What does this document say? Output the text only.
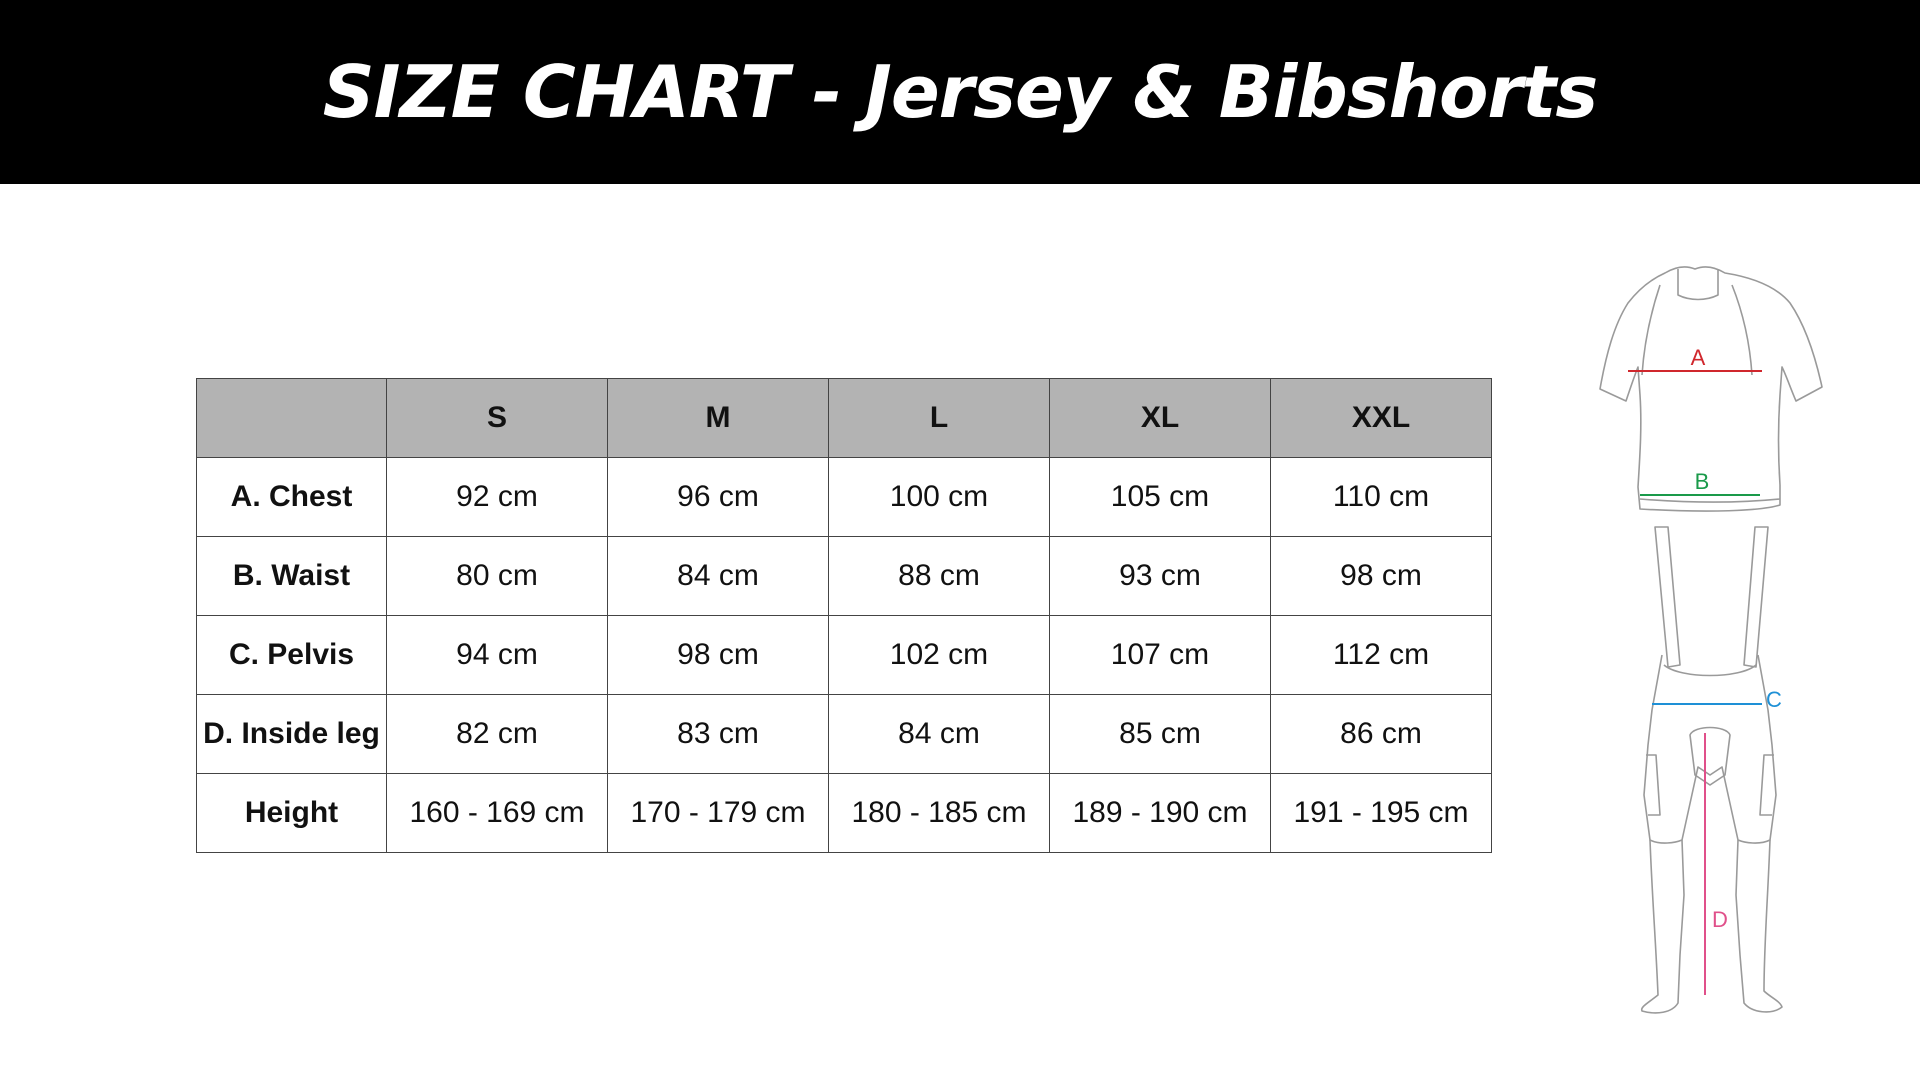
SIZE CHART - Jersey & Bibshorts
	S	M	L	XL	XXL
A. Chest	92 cm	96 cm	100 cm	105 cm	110 cm
B. Waist	80 cm	84 cm	88 cm	93 cm	98 cm
C. Pelvis	94 cm	98 cm	102 cm	107 cm	112 cm
D. Inside leg	82 cm	83 cm	84 cm	85 cm	86 cm
Height	160 - 169 cm	170 - 179 cm	180 - 185 cm	189 - 190 cm	191 - 195 cm
A
B
C
D
